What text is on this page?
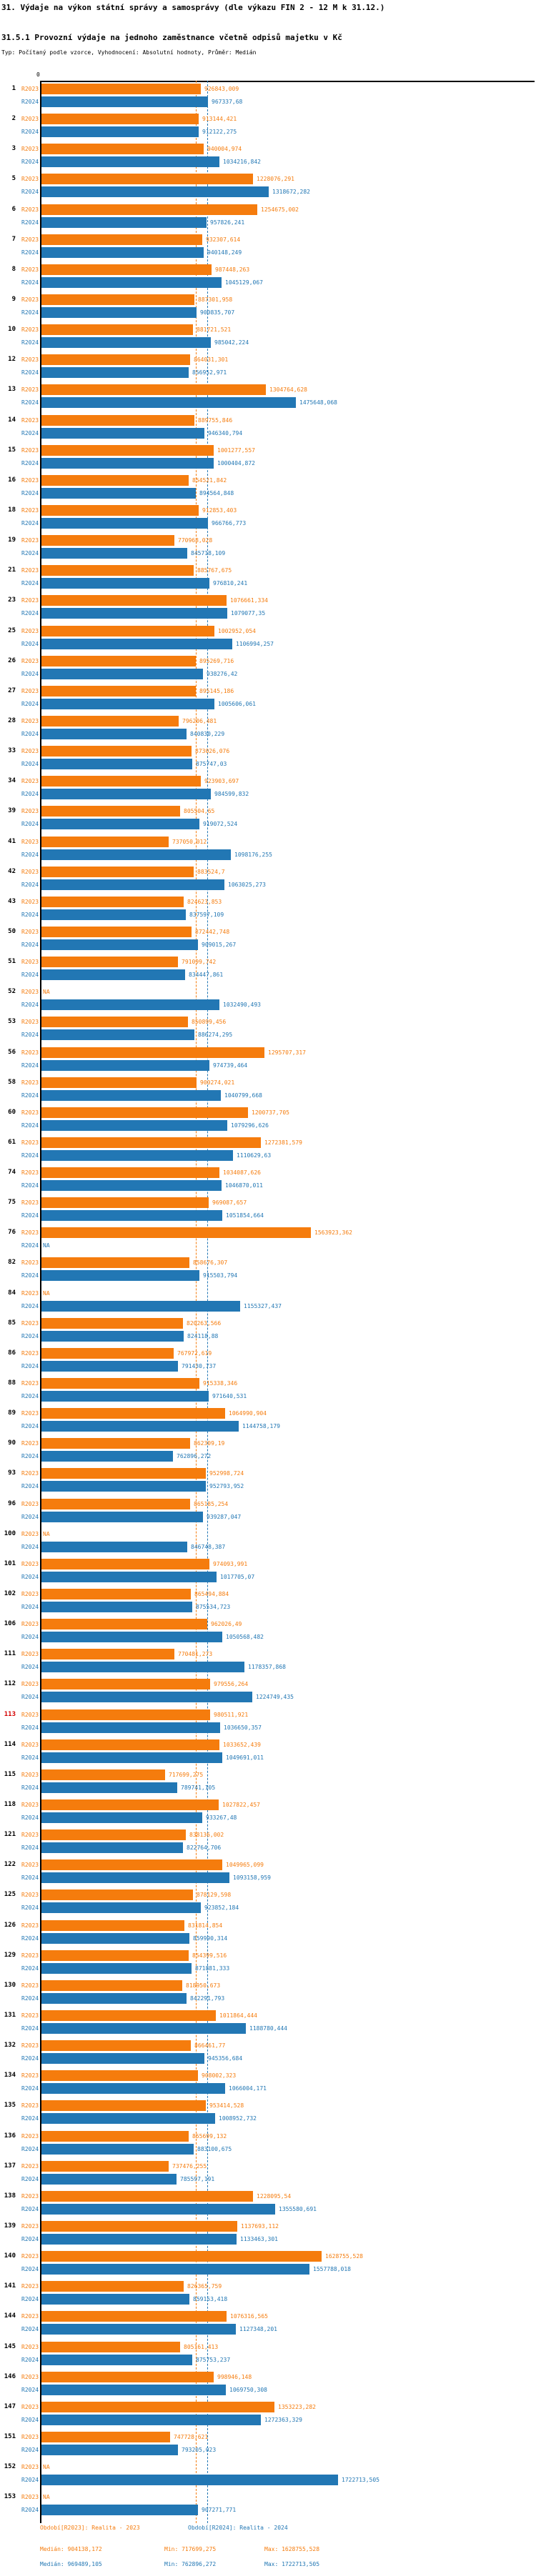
31. Výdaje na výkon státní správy a samosprávy (dle výkazu FIN 2 - 12 M k 31.12.)
31.5.1 Provozní výdaje na jednoho zaměstnance včetně odpisů majetku v Kč
Typ: Počítaný podle vzorce, Vyhodnocení: Absolutní hodnoty, Průměr: Medián
0
1	R2023	926843,009
R2024	967337,68
2	R2023	913144,421
R2024	912122,275
3	R2023	940004,974
R2024	1034216,842
5	R2023	1228076,291
R2024	1318672,282
6	R2023	1254675,002
R2024	957826,241
7	R2023	932307,614
R2024	940148,249
8	R2023	987448,263
R2024	1045129,067
9	R2023	887301,958
R2024	900835,707
10	R2023	881721,521
R2024	985042,224
12	R2023	864031,301
R2024	856952,971
13	R2023	1304764,628
R2024	1475648,068
14	R2023	889755,846
R2024	946340,794
15	R2023	1001277,557
R2024	1000404,872
16	R2023	854521,842
R2024	894564,848
18	R2023	912853,403
R2024	966766,773
19	R2023	770968,028
R2024	845718,109
21	R2023	885767,675
R2024	976810,241
23	R2023	1076661,334
R2024	1079077,35
25	R2023	1002952,054
R2024	1106994,257
26	R2023	895269,716
R2024	938276,42
27	R2023	895145,186
R2024	1005606,061
28	R2023	796206,481
R2024	840830,229
33	R2023	873026,076
R2024	875747,03
34	R2023	923903,697
R2024	984599,832
39	R2023	805504,65
R2024	919072,524
41	R2023	737050,012
R2024	1098176,255
42	R2023	883524,7
R2024	1063025,273
43	R2023	824623,853
R2024	837597,109
50	R2023	872442,748
R2024	909015,267
51	R2023	791099,742
R2024	834447,861
52	R2023 NA
R2024	1032490,493
53	R2023	850899,456
R2024	886274,295
56	R2023	1295707,317
R2024	974739,464
58	R2023	900274,021
R2024	1040799,668
60	R2023	1200737,705
R2024	1079296,626
61	R2023	1272381,579
R2024	1110629,63
74	R2023	1034087,626
R2024	1046870,011
75	R2023	969087,657
R2024	1051854,664
76	R2023	1563923,362
R2024 NA
82	R2023	858676,307
R2024	915503,794
84	R2023 NA
R2024	1155327,437
85	R2023	820263,566
R2024	824118,88
86	R2023	767972,619
R2024	791430,737
88	R2023	915338,346
R2024	971640,531
89	R2023	1064990,904
R2024	1144758,179
90	R2023	862309,19
R2024	762896,272
93	R2023	952998,724
R2024	952793,952
96	R2023	865185,254
R2024	939287,047
100	R2023 NA
R2024	846748,387
101	R2023	974093,991
R2024	1017705,07
102	R2023	865494,884
R2024	875534,723
106	R2023	962026,49
R2024	1050568,482
111	R2023	770481,273
R2024	1178357,868
112	R2023	979556,264
R2024	1224749,435
113	R2023	980511,921
R2024	1036650,357
114	R2023	1033652,439
R2024	1049691,011
115	R2023	717699,275
R2024	789741,105
118	R2023	1027822,457
R2024	933267,48
121	R2023	838136,002
R2024	822764,706
122	R2023	1049965,099
R2024	1093158,959
125	R2023	878129,598
R2024	923852,184
126	R2023	831814,854
R2024	859990,314
129	R2023	854399,516
R2024	871881,333
130	R2023	818950,673
R2024	842291,793
131	R2023	1011864,444
R2024	1188780,444
132	R2023	866461,77
R2024	945356,684
134	R2023	908002,323
R2024	1066004,171
135	R2023	953414,528
R2024	1008952,732
136	R2023	855699,132
R2024	883100,675
137	R2023	737476,255
R2024	785597,191
138	R2023	1228095,54
R2024	1355580,691
139	R2023	1137693,112
R2024	1133463,301
140	R2023	1628755,528
R2024	1557788,018
141	R2023	826365,759
R2024	859153,418
144	R2023	1076316,565
R2024	1127348,201
145	R2023	805161,413
R2024	875753,237
146	R2023	998946,148
R2024	1069750,308
147	R2023	1353223,282
R2024	1272363,329
151	R2023	747728,621
R2024	793205,023
152	R2023 NA
R2024	1722713,505
153	R2023 NA
R2024	907271,771
Období[R2023]: Realita - 2023	Období[R2024]: Realita - 2024
Medián: 904138,172	Min: 717699,275	Max: 1628755,528
Medián: 969489,105	Min: 762896,272	Max: 1722713,505
